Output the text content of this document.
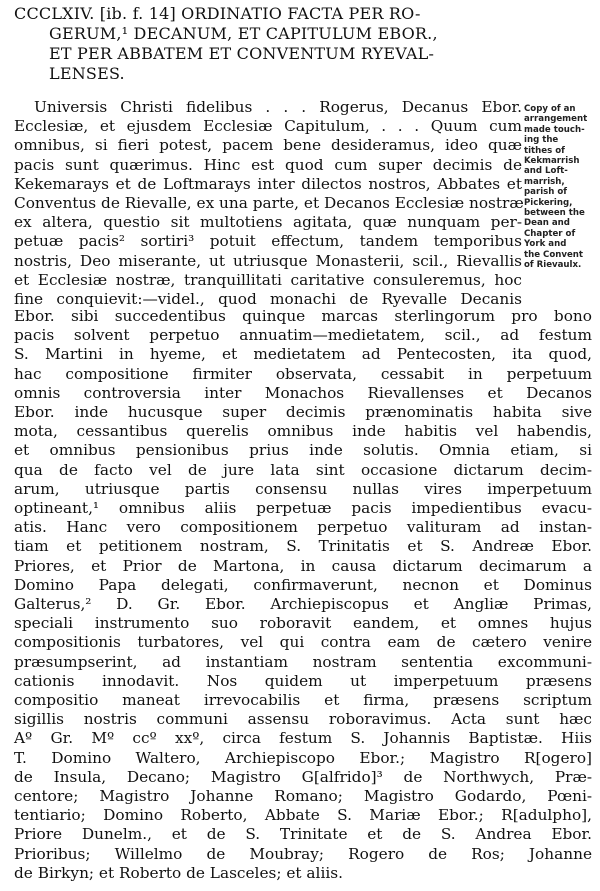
CCCLXIV. [ib. f. 14] ORDINATIO FACTA PER RO-
GERUM,¹ DECANUM, ET CAPITULUM EBOR.,
ET PER ABBATEM ET CONVENTUM RYEVAL-
LENSES.
Universis Christi fidelibus . . . Rogerus, Decanus Ebor.
Ecclesiæ, et ejusdem Ecclesiæ Capitulum, . . . Quum cum
omnibus, si fieri potest, pacem bene desideramus, ideo quæ
pacis sunt quærimus. Hinc est quod cum super decimis de
Kekemarays et de Loftmarays inter dilectos nostros, Abbates et
Conventus de Rievalle, ex una parte, et Decanos Ecclesiæ nostræ
ex altera, questio sit multotiens agitata, quæ nunquam per-
petuæ pacis² sortiri³ potuit effectum, tandem temporibus
nostris, Deo miserante, ut utriusque Monasterii, scil., Rievallis
et Ecclesiæ nostræ, tranquillitati caritative consuleremus, hoc
fine conquievit:—videl., quod monachi de Ryevalle Decanis
Copy of an
arrangement
made touch-
ing the
tithes of
Kekmarrish
and Loft-
marrish,
parish of
Pickering,
between the
Dean and
Chapter of
York and
the Convent
of Rievaulx.
Ebor. sibi succedentibus quinque marcas sterlingorum pro bono
pacis solvent perpetuo annuatim—medietatem, scil., ad festum
S. Martini in hyeme, et medietatem ad Pentecosten, ita quod,
hac compositione firmiter observata, cessabit in perpetuum
omnis controversia inter Monachos Rievallenses et Decanos
Ebor. inde hucusque super decimis prænominatis habita sive
mota, cessantibus querelis omnibus inde habitis vel habendis,
et omnibus pensionibus prius inde solutis. Omnia etiam, si
qua de facto vel de jure lata sint occasione dictarum decim-
arum, utriusque partis consensu nullas vires imperpetuum
optineant,¹ omnibus aliis perpetuæ pacis impedientibus evacu-
atis. Hanc vero compositionem perpetuo valituram ad instan-
tiam et petitionem nostram, S. Trinitatis et S. Andreæ Ebor.
Priores, et Prior de Martona, in causa dictarum decimarum a
Domino Papa delegati, confirmaverunt, necnon et Dominus
Galterus,² D. Gr. Ebor. Archiepiscopus et Angliæ Primas,
speciali instrumento suo roboravit eandem, et omnes hujus
compositionis turbatores, vel qui contra eam de cætero venire
præsumpserint, ad instantiam nostram sententia excommuni-
cationis innodavit. Nos quidem ut imperpetuum præsens
compositio maneat irrevocabilis et firma, præsens scriptum
sigillis nostris communi assensu roboravimus. Acta sunt hæc
Aº Gr. Mº ccº xxº, circa festum S. Johannis Baptistæ. Hiis
T. Domino Waltero, Archiepiscopo Ebor.; Magistro R[ogero]
de Insula, Decano; Magistro G[alfrido]³ de Northwych, Præ-
centore; Magistro Johanne Romano; Magistro Godardo, Pœni-
tentiario; Domino Roberto, Abbate S. Mariæ Ebor.; R[adulpho],
Priore Dunelm., et de S. Trinitate et de S. Andrea Ebor.
Prioribus; Willelmo de Moubray; Rogero de Ros; Johanne
de Birkyn; et Roberto de Lasceles; et aliis.
